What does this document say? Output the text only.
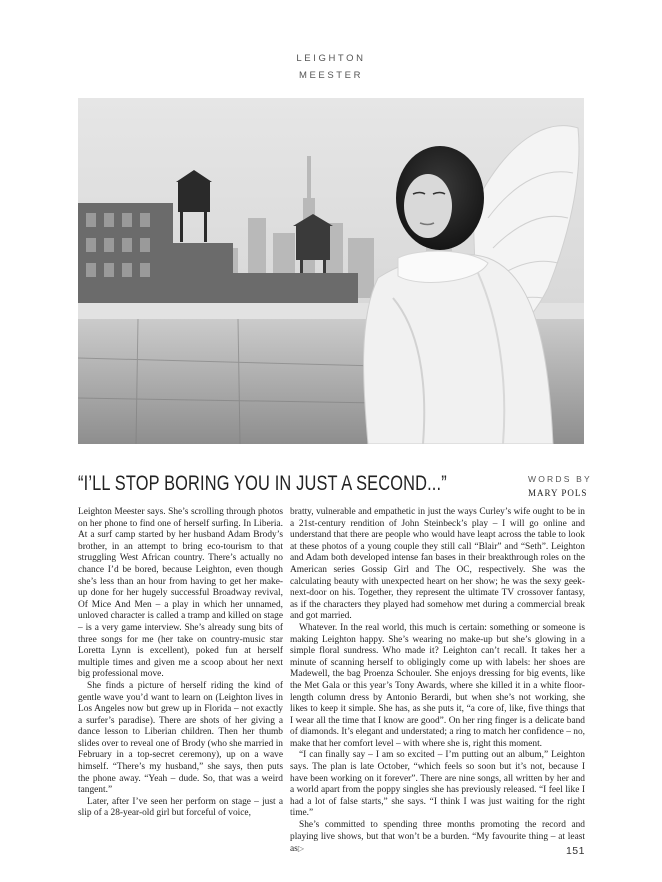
LEIGHTON
MEESTER
“I’LL STOP BORING YOU IN JUST A SECOND...”	WORDS BY
MARY POLS

Leighton Meester says. She’s scrolling through photos on her phone to find one of herself surfing. In Liberia. At a surf camp started by her husband Adam Brody’s brother, in an attempt to bring eco-tourism to that struggling West African country. There’s actually no chance I’d be bored, because Leighton, even though she’s less than an hour from having to get her make-up done for her hugely successful Broadway revival, Of Mice And Men – a play in which her unnamed, unloved character is called a tramp and killed on stage – is a very game interview. She’s already sung bits of three songs for me (her take on country-music star Loretta Lynn is excellent), poked fun at herself multiple times and given me a scoop about her next big professional move.

She finds a picture of herself riding the kind of gentle wave you’d want to learn on (Leighton lives in Los Angeles now but grew up in Florida – not exactly a surfer’s paradise). There are shots of her giving a dance lesson to Liberian children. Then her thumb slides over to reveal one of Brody (who she married in February in a top-secret ceremony), up on a wave himself. “There’s my husband,” she says, then puts the phone away. “Yeah – dude. So, that was a weird tangent.”

Later, after I’ve seen her perform on stage – just a slip of a 28-year-old girl but forceful of voice,

bratty, vulnerable and empathetic in just the ways Curley’s wife ought to be in a 21st-century rendition of John Steinbeck’s play – I will go online and understand that there are people who would have leapt across the table to look at these photos of a young couple they still call “Blair” and “Seth”. Leighton and Adam both developed intense fan bases in their breakthrough roles on the American series Gossip Girl and The OC, respectively. She was the calculating beauty with unexpected heart on her show; he was the sexy geek-next-door on his. Together, they represent the ultimate TV crossover fantasy, as if the characters they played had somehow met during a commercial break and got married.

Whatever. In the real world, this much is certain: something or someone is making Leighton happy. She’s wearing no make-up but she’s glowing in a simple floral sundress. Who made it? Leighton can’t recall. It takes her a minute of scanning herself to obligingly come up with labels: her shoes are Madewell, the bag Proenza Schouler. She enjoys dressing for big events, like the Met Gala or this year’s Tony Awards, where she killed it in a white floor-length column dress by Antonio Berardi, but when she’s not working, she likes to keep it simple. She has, as she puts it, “a core of, like, five things that I wear all the time that I know are good”. On her ring finger is a delicate band of diamonds. It’s elegant and understated; a ring to match her confidence – no, make that her comfort level – with where she is, right this moment.

“I can finally say – I am so excited – I’m putting out an album,” Leighton says. The plan is late October, “which feels so soon but it’s not, because I have been working on it forever”. There are nine songs, all written by her and a world apart from the poppy singles she has previously released. “I feel like I had a lot of false starts,” she says. “I think I was just waiting for the right time.”

She’s committed to spending three months promoting the record and playing live shows, but that won’t be a burden. “My favourite thing – at least as▷	151
